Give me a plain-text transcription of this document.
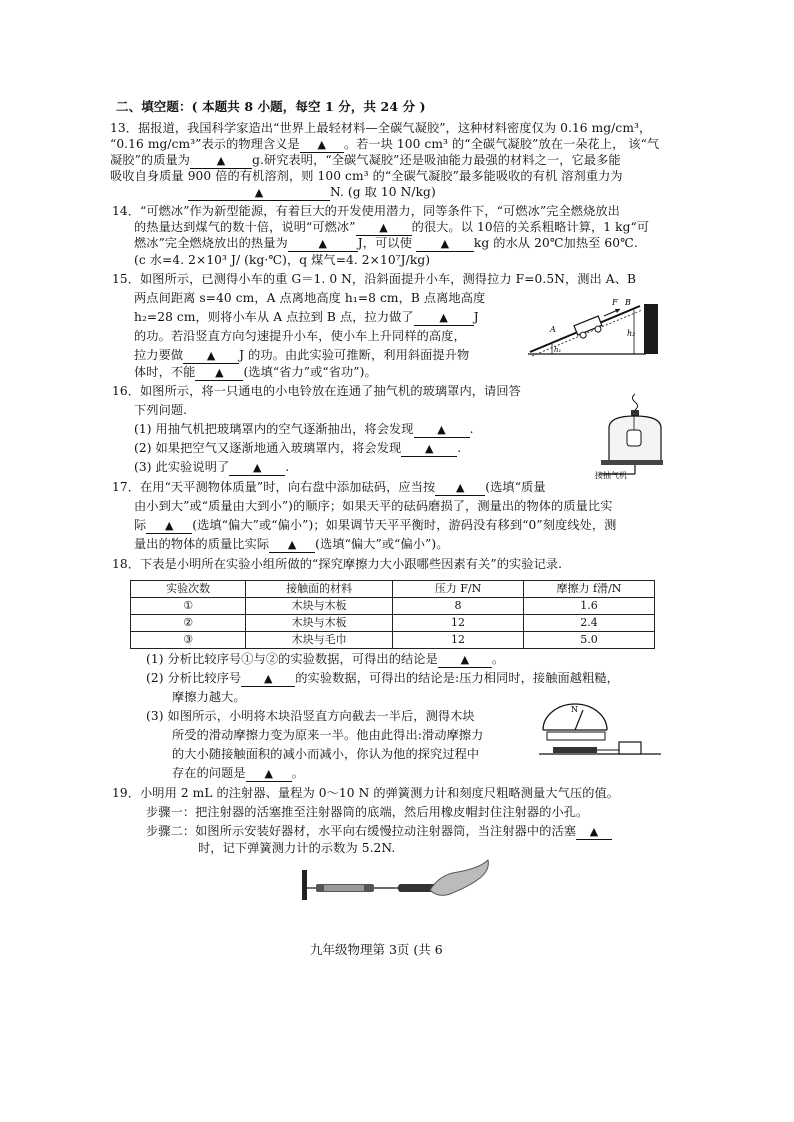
二、填空题：( 本题共 8 小题，每空 1 分，共 24 分 )
13．据报道，我国科学家造出“世界上最轻材料—全碳气凝胶”，这种材料密度仅为 0.16 mg/cm³，
“0.16 mg/cm³”表示的物理含义是 ▲ 。若一块 100 cm³ 的“全碳气凝胶”放在一朵花上， 该“气
凝胶”的质量为 ▲ g.研究表明，“全碳气凝胶”还是吸油能力最强的材料之一，它最多能
吸收自身质量 900 倍的有机溶剂，则 100 cm³ 的“全碳气凝胶”最多能吸收的有机 溶剂重力为
▲	N. (g 取 10 N/kg)
14．“可燃冰”作为新型能源，有着巨大的开发使用潜力，同等条件下，“可燃冰”完全燃烧放出
的热量达到煤气的数十倍，说明“可燃冰” ▲ 的很大。以 10倍的关系粗略计算，1 kg“可
燃冰”完全燃烧放出的热量为	▲	J，可以使	▲ kg 的水从 20℃加热至 60℃.
(c 水=4. 2×10³ J/ (kg·℃)，q 煤气=4. 2×10⁷J/kg)
15．如图所示，已测得小车的重 G＝1. 0 N，沿斜面提升小车，测得拉力 F=0.5N，测出 A、B
两点间距离 s=40 cm，A 点离地高度 h₁=8 cm，B 点离地高度
h₂=28 cm，则将小车从 A 点拉到 B 点，拉力做了 ▲ J
的功。若沿竖直方向匀速提升小车，使小车上升同样的高度，
拉力要做 ▲ J 的功。由此实验可推断，利用斜面提升物
体时，不能 ▲ (选填“省力”或“省功”)。
F B
A	h₂
h₁
16．如图所示，将一只通电的小电铃放在连通了抽气机的玻璃罩内，请回答
下列问题.
(1) 用抽气机把玻璃罩内的空气逐渐抽出，将会发现 ▲ .
(2) 如果把空气又逐渐地通入玻璃罩内，将会发现 ▲ .
(3) 此实验说明了 ▲ .
接抽气机
17．在用“天平测物体质量”时，向右盘中添加砝码，应当按 ▲ (选填“质量
由小到大”或“质量由大到小”)的顺序；如果天平的砝码磨损了，测量出的物体的质量比实
际 ▲ (选填“偏大”或“偏小”)；如果调节天平平衡时，游码没有移到“0”刻度线处，测
量出的物体的质量比实际 ▲ (选填“偏大”或“偏小”)。
18．下表是小明所在实验小组所做的“探究摩擦力大小跟哪些因素有关”的实验记录.
实验次数	接触面的材料	压力 F/N	摩擦力 f滑/N
①	木块与木板	8	1.6
②	木块与木板	12	2.4
③	木块与毛巾	12	5.0
(1) 分析比较序号①与②的实验数据，可得出的结论是 ▲ 。
(2) 分析比较序号 ▲ 的实验数据，可得出的结论是:压力相同时，接触面越粗糙，
摩擦力越大。
(3) 如图所示，小明将木块沿竖直方向截去一半后，测得木块
所受的滑动摩擦力变为原来一半。他由此得出:滑动摩擦力
的大小随接触面积的减小而减小，你认为他的探究过程中
存在的问题是 ▲ 。
N
19．小明用 2 mL 的注射器、量程为 0～10 N 的弹簧测力计和刻度尺粗略测量大气压的值。
步骤一：把注射器的活塞推至注射器筒的底端，然后用橡皮帽封住注射器的小孔。
步骤二：如图所示安装好器材，水平向右缓慢拉动注射器筒，当注射器中的活塞 ▲
时，记下弹簧测力计的示数为 5.2N.
九年级物理第 3页 (共 6
